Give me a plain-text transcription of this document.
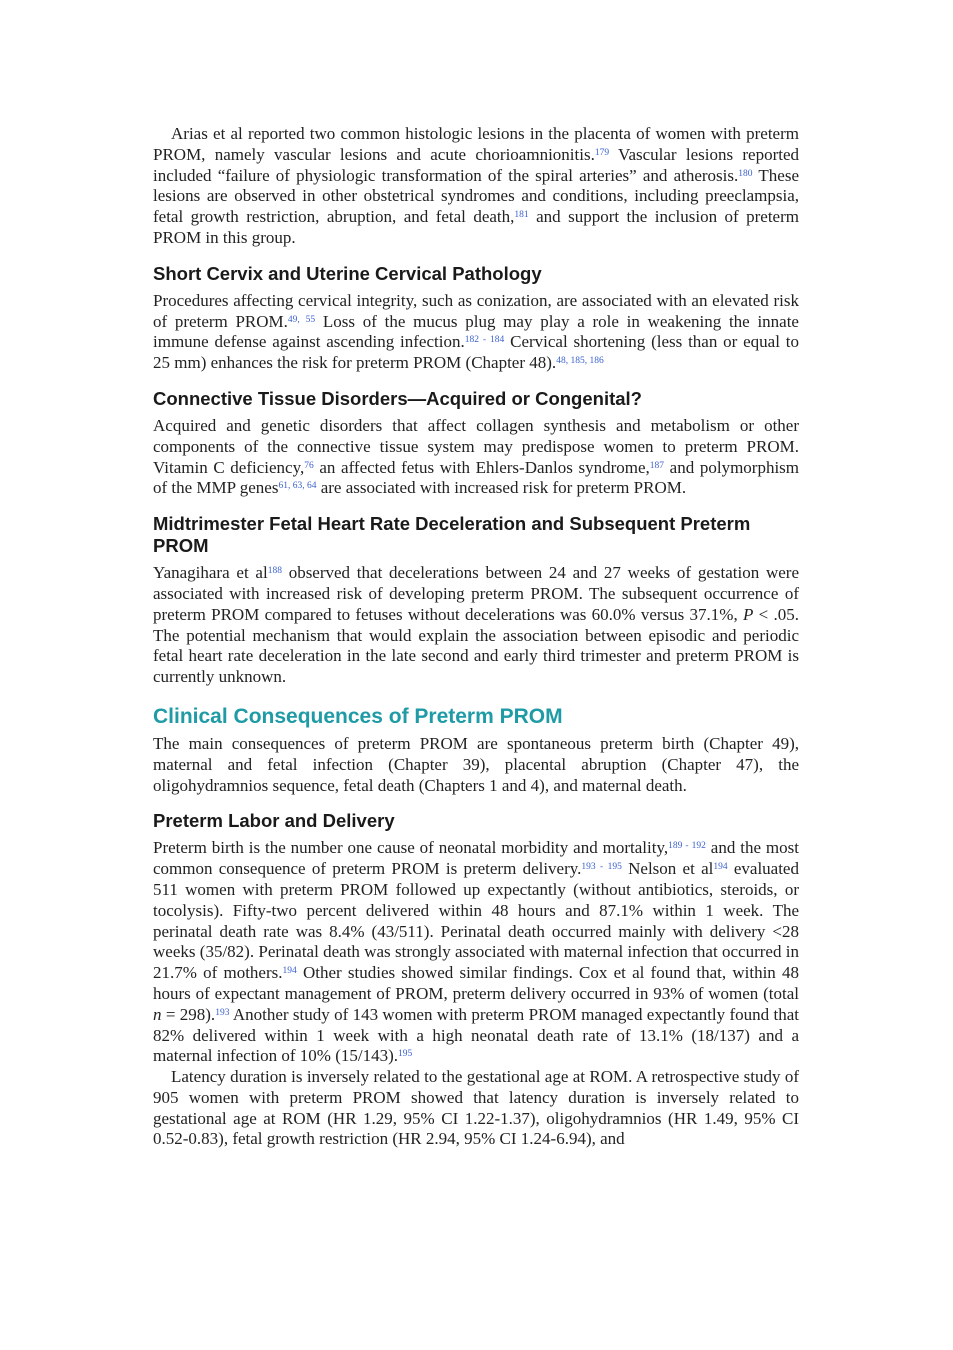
Arias et al reported two common histologic lesions in the placenta of women with preterm PROM, namely vascular lesions and acute chorioamnionitis.$^{179}$ Vascular lesions reported included “failure of physiologic transformation of the spiral arteries” and atherosis.$^{180}$ These lesions are observed in other obstetrical syndromes and conditions, including preeclampsia, fetal growth restriction, abruption, and fetal death,$^{181}$ and support the inclusion of preterm PROM in this group.

Short Cervix and Uterine Cervical Pathology

Procedures affecting cervical integrity, such as conization, are associated with an elevated risk of preterm PROM.$^{49, 55}$ Loss of the mucus plug may play a role in weakening the innate immune defense against ascending infection.$^{182 - 184}$ Cervical shortening (less than or equal to 25 mm) enhances the risk for preterm PROM (Chapter 48).$^{48, 185, 186}$

Connective Tissue Disorders—Acquired or Congenital?

Acquired and genetic disorders that affect collagen synthesis and metabolism or other components of the connective tissue system may predispose women to preterm PROM. Vitamin C deficiency,$^{76}$ an affected fetus with Ehlers-Danlos syndrome,$^{187}$ and polymorphism of the MMP genes$^{61, 63, 64}$ are associated with increased risk for preterm PROM.

Midtrimester Fetal Heart Rate Deceleration and Subsequent Preterm PROM

Yanagihara et al$^{188}$ observed that decelerations between 24 and 27 weeks of gestation were associated with increased risk of developing preterm PROM. The subsequent occurrence of preterm PROM compared to fetuses without decelerations was 60.0% versus 37.1%, P < .05. The potential mechanism that would explain the association between episodic and periodic fetal heart rate deceleration in the late second and early third trimester and preterm PROM is currently unknown.

Clinical Consequences of Preterm PROM

The main consequences of preterm PROM are spontaneous preterm birth (Chapter 49), maternal and fetal infection (Chapter 39), placental abruption (Chapter 47), the oligohydramnios sequence, fetal death (Chapters 1 and 4), and maternal death.

Preterm Labor and Delivery

Preterm birth is the number one cause of neonatal morbidity and mortality,$^{189 - 192}$ and the most common consequence of preterm PROM is preterm delivery.$^{193 - 195}$ Nelson et al$^{194}$ evaluated 511 women with preterm PROM followed up expectantly (without antibiotics, steroids, or tocolysis). Fifty-two percent delivered within 48 hours and 87.1% within 1 week. The perinatal death rate was 8.4% (43/511). Perinatal death occurred mainly with delivery <28 weeks (35/82). Perinatal death was strongly associated with maternal infection that occurred in 21.7% of mothers.$^{194}$ Other studies showed similar findings. Cox et al found that, within 48 hours of expectant management of PROM, preterm delivery occurred in 93% of women (total n = 298).$^{193}$ Another study of 143 women with preterm PROM managed expectantly found that 82% delivered within 1 week with a high neonatal death rate of 13.1% (18/137) and a maternal infection of 10% (15/143).$^{195}$

Latency duration is inversely related to the gestational age at ROM. A retrospective study of 905 women with preterm PROM showed that latency duration is inversely related to gestational age at ROM (HR 1.29, 95% CI 1.22-1.37), oligohydramnios (HR 1.49, 95% CI 0.52-0.83), fetal growth restriction (HR 2.94, 95% CI 1.24-6.94), and
